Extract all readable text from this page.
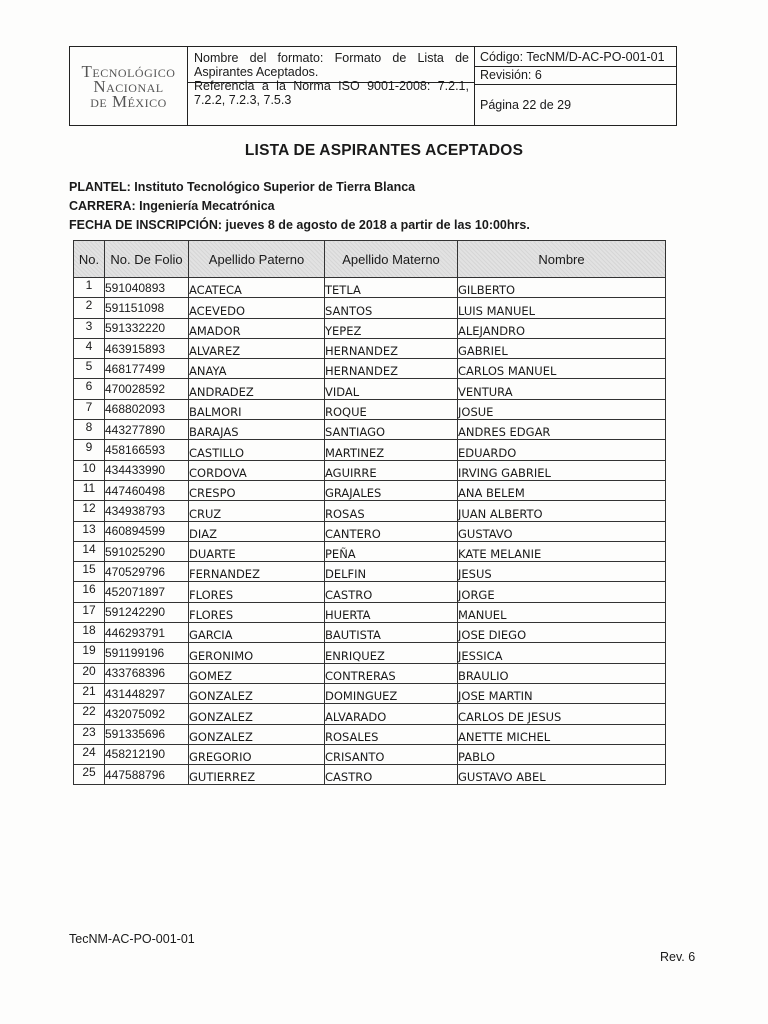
Tecnológico
Nacional
de México
Nombre del formato: Formato de Lista de Aspirantes Aceptados.
Referencia a la Norma ISO 9001-2008: 7.2.1, 7.2.2, 7.2.3, 7.5.3
Código: TecNM/D-AC-PO-001-01
Revisión: 6
Página 22 de 29
LISTA DE ASPIRANTES ACEPTADOS
PLANTEL: Instituto Tecnológico Superior de Tierra Blanca
CARRERA: Ingeniería Mecatrónica
FECHA DE INSCRIPCIÓN: jueves 8 de agosto de 2018 a partir de las 10:00hrs.
No.	No. De Folio	Apellido Paterno	Apellido Materno	Nombre
1	591040893	ACATECA	TETLA	GILBERTO
2	591151098	ACEVEDO	SANTOS	LUIS MANUEL
3	591332220	AMADOR	YEPEZ	ALEJANDRO
4	463915893	ALVAREZ	HERNANDEZ	GABRIEL
5	468177499	ANAYA	HERNANDEZ	CARLOS MANUEL
6	470028592	ANDRADEZ	VIDAL	VENTURA
7	468802093	BALMORI	ROQUE	JOSUE
8	443277890	BARAJAS	SANTIAGO	ANDRES EDGAR
9	458166593	CASTILLO	MARTINEZ	EDUARDO
10	434433990	CORDOVA	AGUIRRE	IRVING GABRIEL
11	447460498	CRESPO	GRAJALES	ANA BELEM
12	434938793	CRUZ	ROSAS	JUAN ALBERTO
13	460894599	DIAZ	CANTERO	GUSTAVO
14	591025290	DUARTE	PEÑA	KATE MELANIE
15	470529796	FERNANDEZ	DELFIN	JESUS
16	452071897	FLORES	CASTRO	JORGE
17	591242290	FLORES	HUERTA	MANUEL
18	446293791	GARCIA	BAUTISTA	JOSE DIEGO
19	591199196	GERONIMO	ENRIQUEZ	JESSICA
20	433768396	GOMEZ	CONTRERAS	BRAULIO
21	431448297	GONZALEZ	DOMINGUEZ	JOSE MARTIN
22	432075092	GONZALEZ	ALVARADO	CARLOS DE JESUS
23	591335696	GONZALEZ	ROSALES	ANETTE MICHEL
24	458212190	GREGORIO	CRISANTO	PABLO
25	447588796	GUTIERREZ	CASTRO	GUSTAVO ABEL
TecNM-AC-PO-001-01
Rev. 6
